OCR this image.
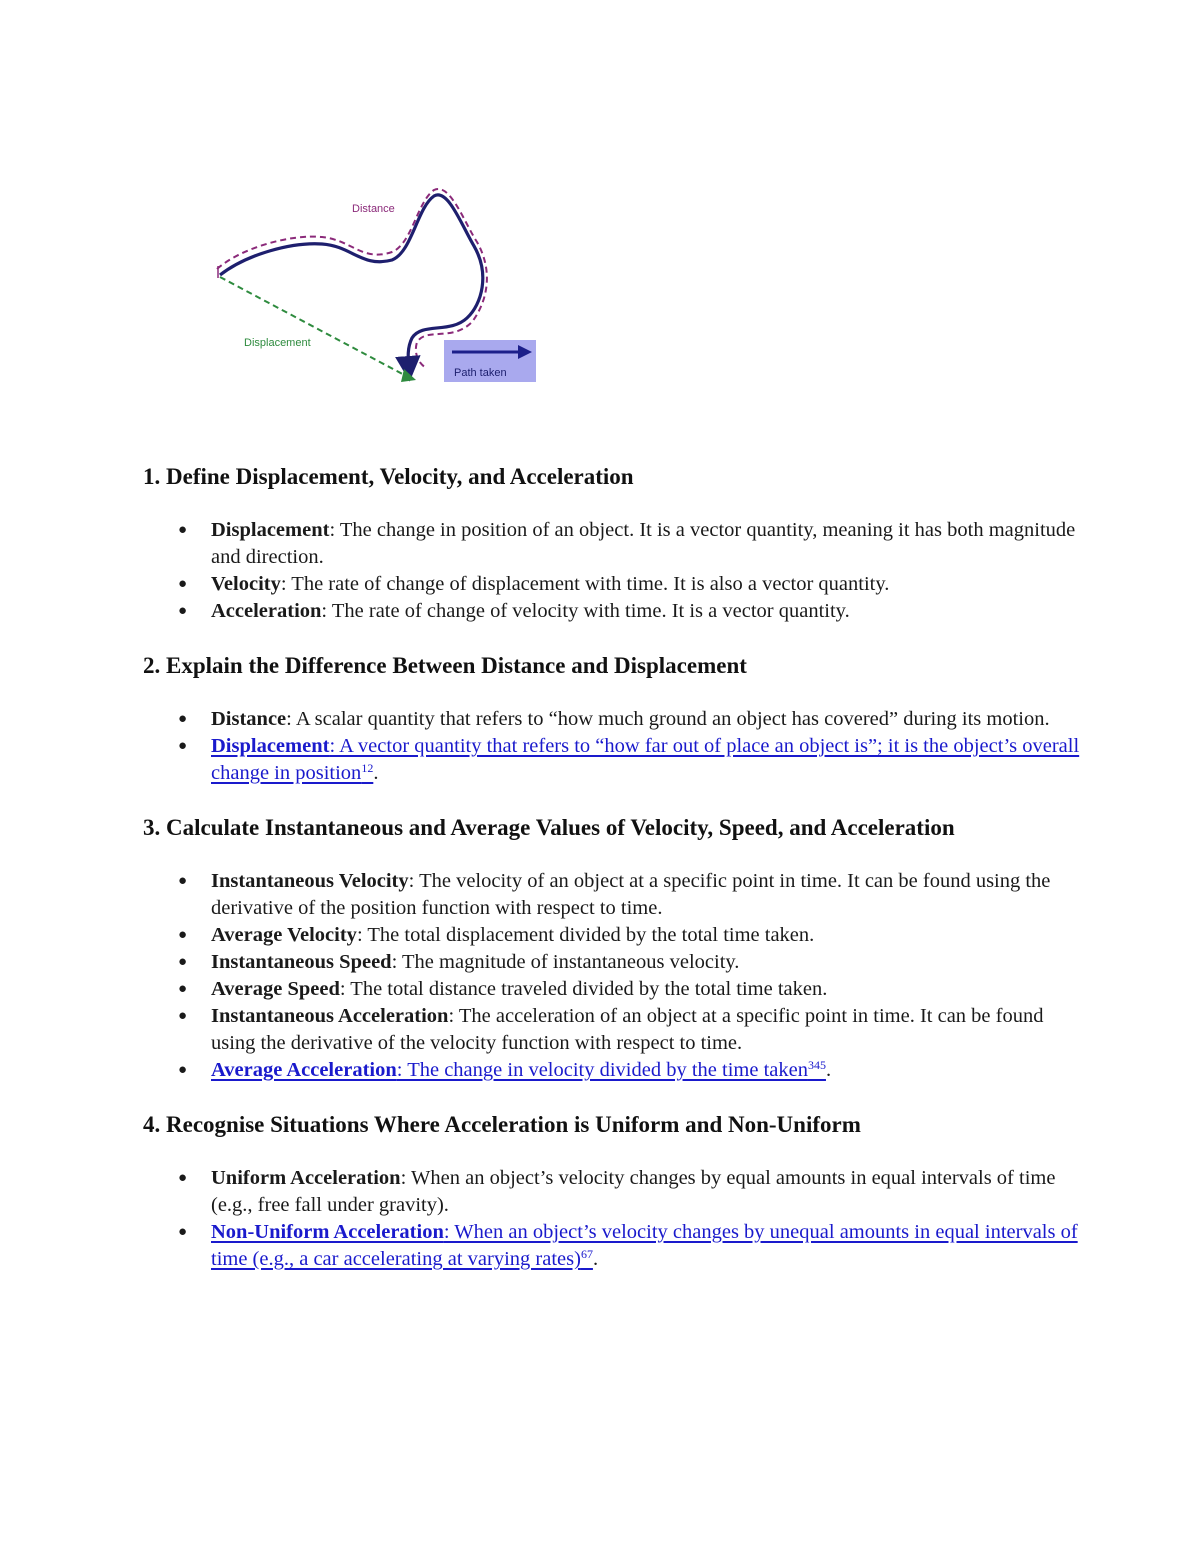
Distance
Displacement
Path taken
1. Define Displacement, Velocity, and Acceleration
● Displacement: The change in position of an object. It is a vector quantity, meaning it has both magnitude and direction.
● Velocity: The rate of change of displacement with time. It is also a vector quantity.
● Acceleration: The rate of change of velocity with time. It is a vector quantity.
2. Explain the Difference Between Distance and Displacement
● Distance: A scalar quantity that refers to “how much ground an object has covered” during its motion.
● Displacement: A vector quantity that refers to “how far out of place an object is”; it is the object’s overall change in position$^{12}$.
3. Calculate Instantaneous and Average Values of Velocity, Speed, and Acceleration
● Instantaneous Velocity: The velocity of an object at a specific point in time. It can be found using the derivative of the position function with respect to time.
● Average Velocity: The total displacement divided by the total time taken.
● Instantaneous Speed: The magnitude of instantaneous velocity.
● Average Speed: The total distance traveled divided by the total time taken.
● Instantaneous Acceleration: The acceleration of an object at a specific point in time. It can be found using the derivative of the velocity function with respect to time.
● Average Acceleration: The change in velocity divided by the time taken$^{345}$.
4. Recognise Situations Where Acceleration is Uniform and Non-Uniform
● Uniform Acceleration: When an object’s velocity changes by equal amounts in equal intervals of time (e.g., free fall under gravity).
● Non-Uniform Acceleration: When an object’s velocity changes by unequal amounts in equal intervals of time (e.g., a car accelerating at varying rates)$^{67}$.
